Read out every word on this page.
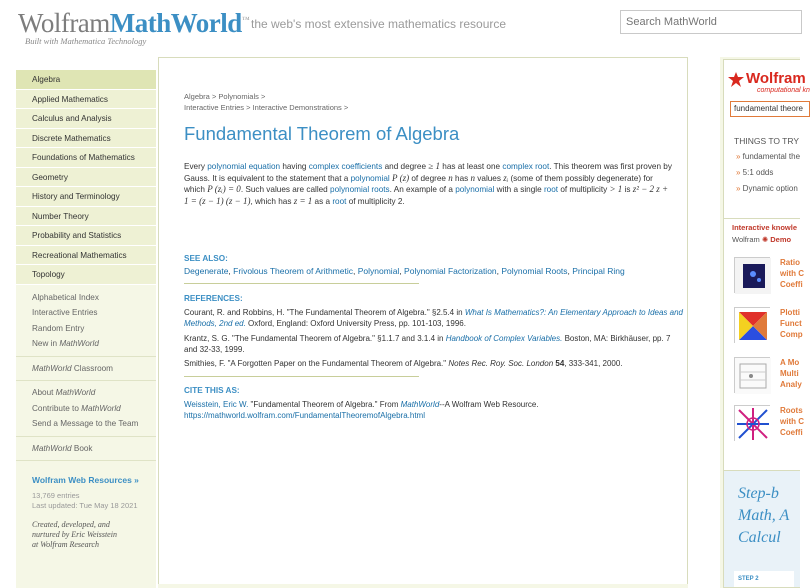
WolframMathWorld™
Built with Mathematica Technology
the web's most extensive mathematics resource
Search MathWorld
Algebra
Applied Mathematics
Calculus and Analysis
Discrete Mathematics
Foundations of Mathematics
Geometry
History and Terminology
Number Theory
Probability and Statistics
Recreational Mathematics
Topology
Alphabetical Index
Interactive Entries
Random Entry
New in MathWorld
MathWorld Classroom
About MathWorld
Contribute to MathWorld
Send a Message to the Team
MathWorld Book
Wolfram Web Resources »
13,769 entries
Last updated: Tue May 18 2021
Created, developed, and
nurtured by Eric Weisstein
at Wolfram Research
Algebra > Polynomials >
Interactive Entries > Interactive Demonstrations >
Fundamental Theorem of Algebra
Every polynomial equation having complex coefficients and degree ≥ 1 has at least one complex root. This theorem was first proven by Gauss. It is equivalent to the statement that a polynomial P (z) of degree n has n values zᵢ (some of them possibly degenerate) for which P (zᵢ) = 0. Such values are called polynomial roots. An example of a polynomial with a single root of multiplicity > 1 is z² − 2 z + 1 = (z − 1) (z − 1), which has z = 1 as a root of multiplicity 2.
SEE ALSO:
Degenerate, Frivolous Theorem of Arithmetic, Polynomial, Polynomial Factorization, Polynomial Roots, Principal Ring
REFERENCES:
Courant, R. and Robbins, H. "The Fundamental Theorem of Algebra." §2.5.4 in What Is Mathematics?: An Elementary Approach to Ideas and Methods, 2nd ed. Oxford, England: Oxford University Press, pp. 101-103, 1996.
Krantz, S. G. "The Fundamental Theorem of Algebra." §1.1.7 and 3.1.4 in Handbook of Complex Variables. Boston, MA: Birkhäuser, pp. 7 and 32-33, 1999.
Smithies, F. "A Forgotten Paper on the Fundamental Theorem of Algebra." Notes Rec. Roy. Soc. London 54, 333-341, 2000.
CITE THIS AS:
Weisstein, Eric W. "Fundamental Theorem of Algebra." From MathWorld--A Wolfram Web Resource.
https://mathworld.wolfram.com/FundamentalTheoremofAlgebra.html
Wolfram
computational kn
fundamental theore
THINGS TO TRY
» fundamental the
» 5:1 odds
» Dynamic option
Interactive knowle
Wolfram ✺ Demo
Ratio
with C
Coeffi
Plotti
Funct
Comp
A Mo
Multi
Analy
Roots
with C
Coeffi
Step-b
Math, A
Calcul
STEP 2
